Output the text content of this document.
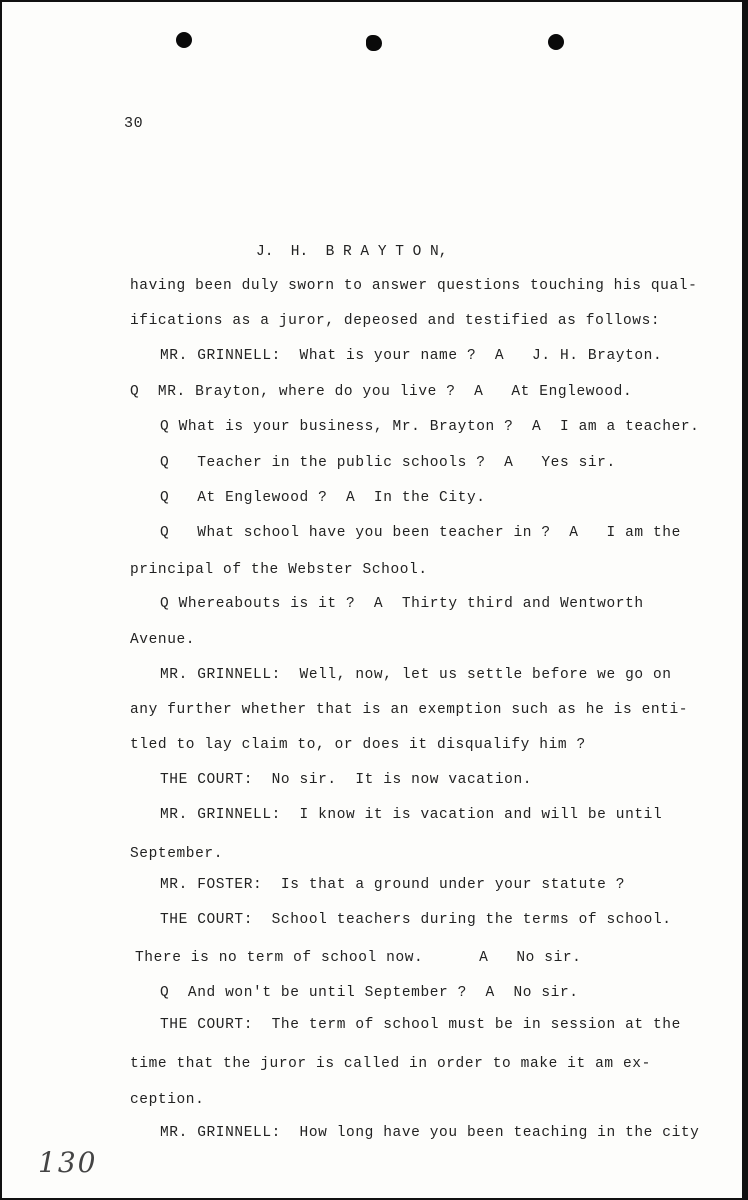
30
J.  H.  B R A Y T O N,
having been duly sworn to answer questions touching his qual-
ifications as a juror, depeosed and testified as follows:
MR. GRINNELL:  What is your name ?  A   J. H. Brayton.
Q  MR. Brayton, where do you live ?  A   At Englewood.
Q What is your business, Mr. Brayton ?  A  I am a teacher.
Q   Teacher in the public schools ?  A   Yes sir.
Q   At Englewood ?  A  In the City.
Q   What school have you been teacher in ?  A   I am the
principal of the Webster School.
Q Whereabouts is it ?  A  Thirty third and Wentworth
Avenue.
MR. GRINNELL:  Well, now, let us settle before we go on
any further whether that is an exemption such as he is enti-
tled to lay claim to, or does it disqualify him ?
THE COURT:  No sir.  It is now vacation.
MR. GRINNELL:  I know it is vacation and will be until
September.
MR. FOSTER:  Is that a ground under your statute ?
THE COURT:  School teachers during the terms of school.
There is no term of school now.      A   No sir.
Q  And won't be until September ?  A  No sir.
THE COURT:  The term of school must be in session at the
time that the juror is called in order to make it am ex-
ception.
MR. GRINNELL:  How long have you been teaching in the city
130
